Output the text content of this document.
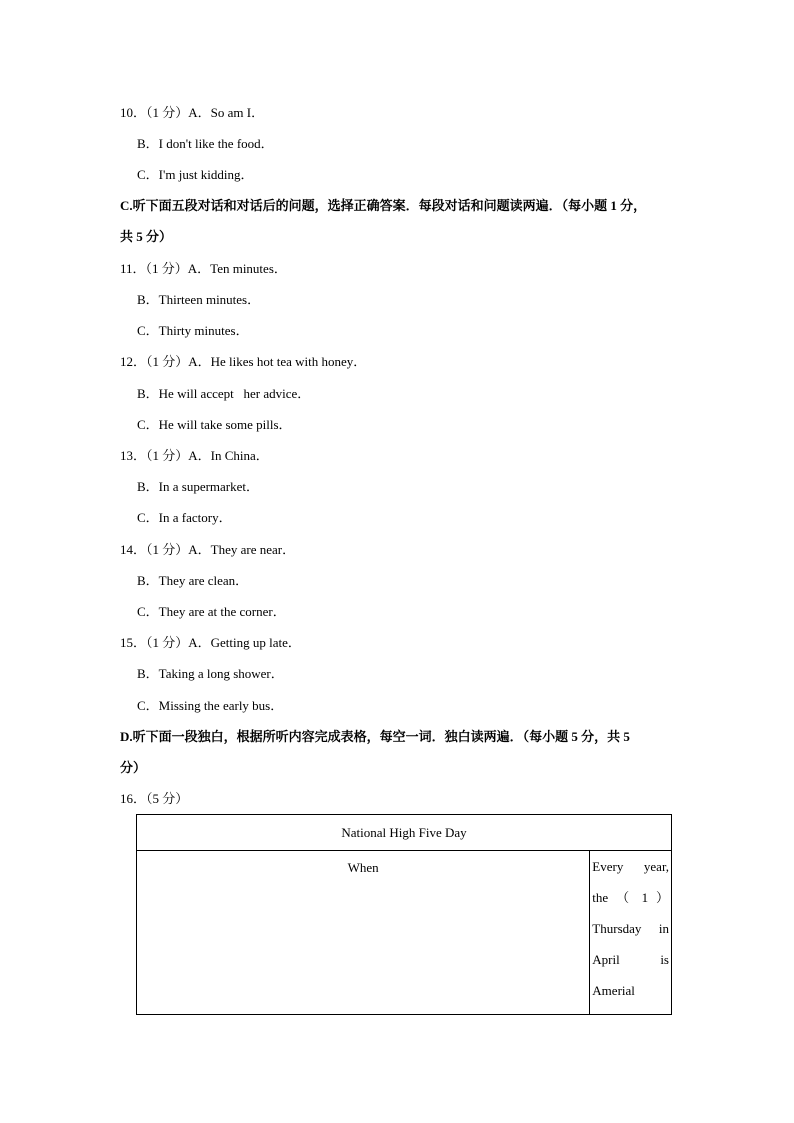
10．（1 分）A．So am I．
B．I don't like the food．
C．I'm just kidding．
C.听下面五段对话和对话后的问题，选择正确答案．每段对话和问题读两遍．（每小题 1 分，
共 5 分）
11．（1 分）A．Ten minutes．
B．Thirteen minutes．
C．Thirty minutes．
12．（1 分）A．He likes hot tea with honey．
B．He will accept   her advice．
C．He will take some pills．
13．（1 分）A．In China．
B．In a supermarket．
C．In a factory．
14．（1 分）A．They are near．
B．They are clean．
C．They are at the corner．
15．（1 分）A．Getting up late．
B．Taking a long shower．
C．Missing the early bus．
D.听下面一段独白，根据所听内容完成表格，每空一词．独白读两遍．（每小题 5 分，共 5
分）
16．（5 分）
National High Five Day
When	Every year,
the （ 1 ）
Thursday in
April is
Amerial
